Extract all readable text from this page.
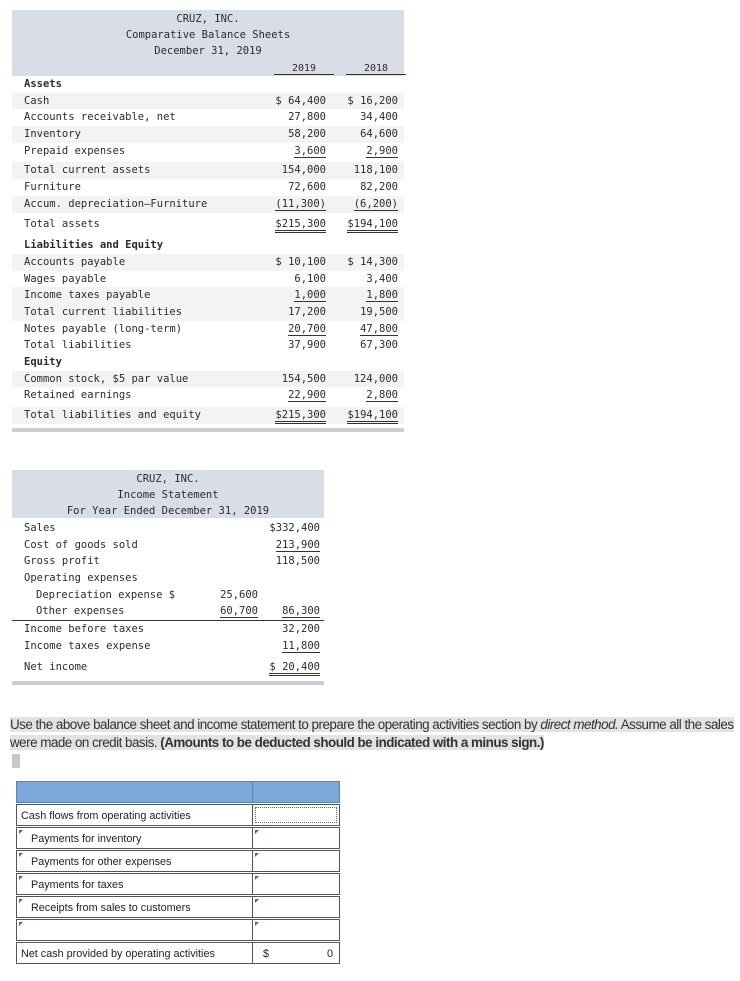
CRUZ, INC.
Comparative Balance Sheets
December 31, 2019
2019	2018
Assets
Cash	$ 64,400 $ 16,200
Accounts receivable, net	27,800	34,400
Inventory	58,200	64,600
Prepaid expenses	3,600	2,900
Total current assets	154,000	118,100
Furniture	72,600	82,200
Accum. depreciation—Furniture	(11,300)	(6,200)
Total assets	$215,300 $194,100
Liabilities and Equity
Accounts payable	$ 10,100 $ 14,300
Wages payable	6,100	3,400
Income taxes payable	1,000	1,800
Total current liabilities	17,200	19,500
Notes payable (long-term)	20,700	47,800
Total liabilities	37,900	67,300
Equity
Common stock, $5 par value	154,500	124,000
Retained earnings	22,900	2,800
Total liabilities and equity	$215,300 $194,100
CRUZ, INC.
Income Statement
For Year Ended December 31, 2019
Sales	$332,400
Cost of goods sold	213,900
Gross profit	118,500
Operating expenses
Depreciation expense $	25,600
Other expenses	60,700 86,300
Income before taxes	32,200
Income taxes expense	11,800
Net income	$ 20,400
Use the above balance sheet and income statement to prepare the operating activities section by direct method. Assume all the sales were made on credit basis. (Amounts to be deducted should be indicated with a minus sign.)
Cash flows from operating activities
Payments for inventory
Payments for other expenses
Payments for taxes
Receipts from sales to customers
Net cash provided by operating activities	$	0
